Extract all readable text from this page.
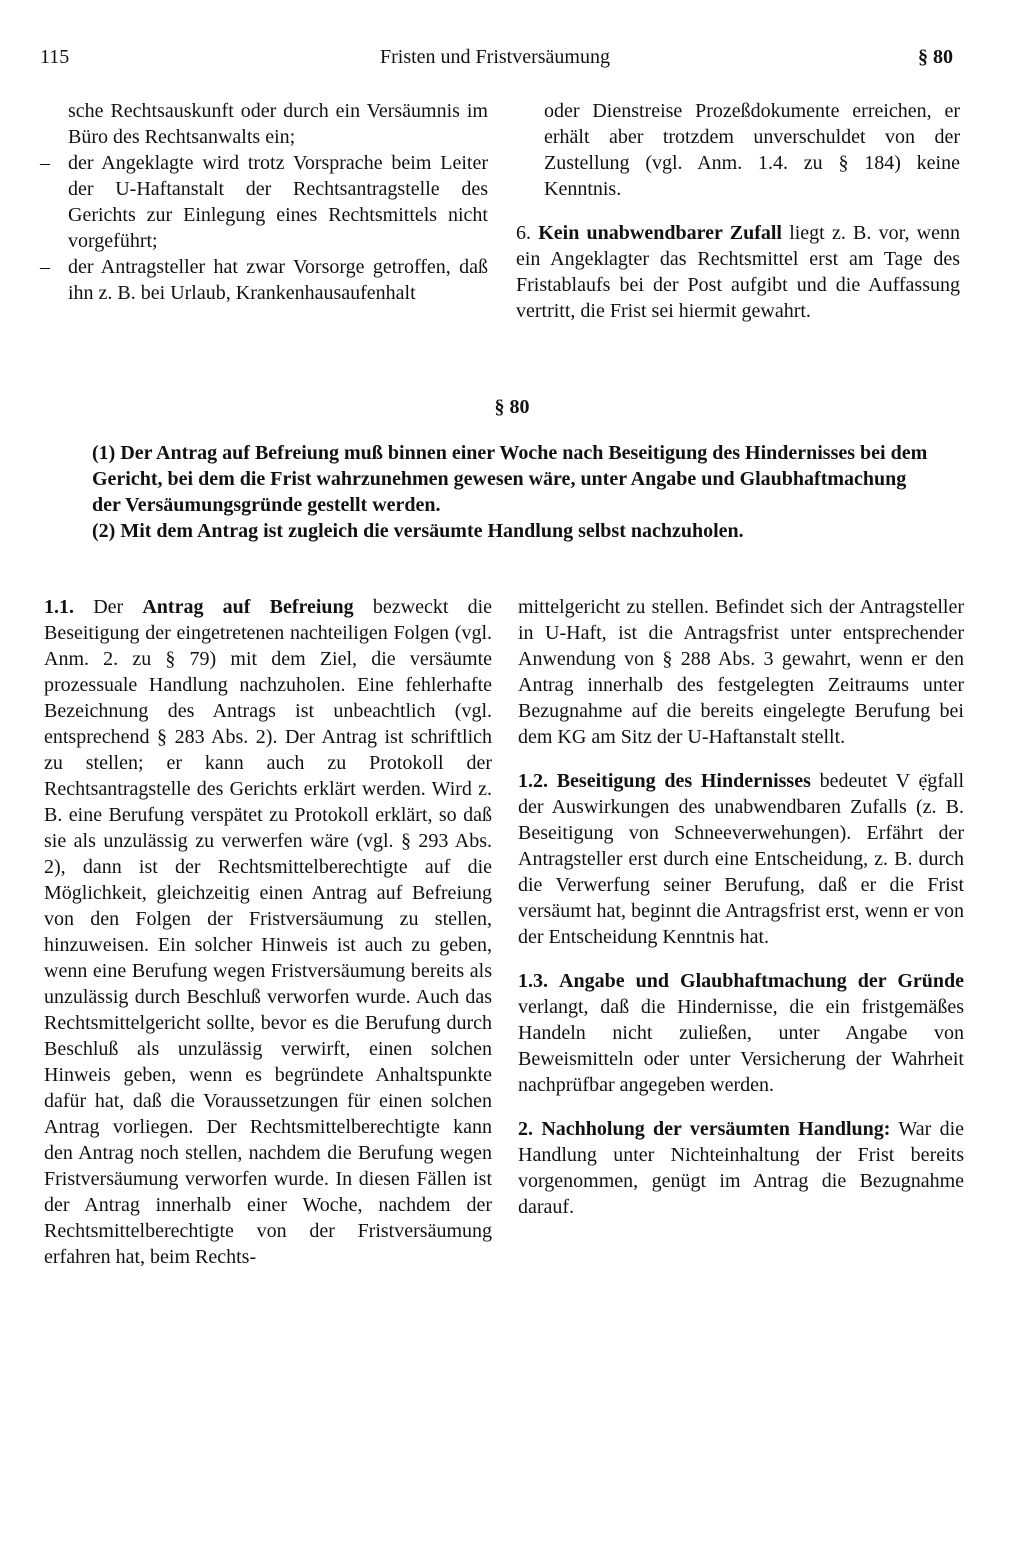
115	Fristen und Fristversäumung	§ 80
sche Rechtsauskunft oder durch ein Versäumnis im Büro des Rechtsanwalts ein;
– der Angeklagte wird trotz Vorsprache beim Leiter der U-Haftanstalt der Rechtsantragstelle des Gerichts zur Einlegung eines Rechtsmittels nicht vorgeführt;
– der Antragsteller hat zwar Vorsorge getroffen, daß ihn z. B. bei Urlaub, Krankenhausaufenhalt

oder Dienstreise Prozeßdokumente erreichen, er erhält aber trotzdem unverschuldet von der Zustellung (vgl. Anm. 1.4. zu § 184) keine Kenntnis.

6. Kein unabwendbarer Zufall liegt z. B. vor, wenn ein Angeklagter das Rechtsmittel erst am Tage des Fristablaufs bei der Post aufgibt und die Auffassung vertritt, die Frist sei hiermit gewahrt.

§ 80

(1) Der Antrag auf Befreiung muß binnen einer Woche nach Beseitigung des Hindernisses bei dem Gericht, bei dem die Frist wahrzunehmen gewesen wäre, unter Angabe und Glaubhaftmachung der Versäumungsgründe gestellt werden.

(2) Mit dem Antrag ist zugleich die versäumte Handlung selbst nachzuholen.

1.1. Der Antrag auf Befreiung bezweckt die Beseitigung der eingetretenen nachteiligen Folgen (vgl. Anm. 2. zu § 79) mit dem Ziel, die versäumte prozessuale Handlung nachzuholen. Eine fehlerhafte Bezeichnung des Antrags ist unbeachtlich (vgl. entsprechend § 283 Abs. 2). Der Antrag ist schriftlich zu stellen; er kann auch zu Protokoll der Rechtsantragstelle des Gerichts erklärt werden. Wird z. B. eine Berufung verspätet zu Protokoll erklärt, so daß sie als unzulässig zu verwerfen wäre (vgl. § 293 Abs. 2), dann ist der Rechtsmittelberechtigte auf die Möglichkeit, gleichzeitig einen Antrag auf Befreiung von den Folgen der Fristversäumung zu stellen, hinzuweisen. Ein solcher Hinweis ist auch zu geben, wenn eine Berufung wegen Fristversäumung bereits als unzulässig durch Beschluß verworfen wurde. Auch das Rechtsmittelgericht sollte, bevor es die Berufung durch Beschluß als unzulässig verwirft, einen solchen Hinweis geben, wenn es begründete Anhaltspunkte dafür hat, daß die Voraussetzungen für einen solchen Antrag vorliegen. Der Rechtsmittelberechtigte kann den Antrag noch stellen, nachdem die Berufung wegen Fristversäumung verworfen wurde. In diesen Fällen ist der Antrag innerhalb einer Woche, nachdem der Rechtsmittelberechtigte von der Fristversäumung erfahren hat, beim Rechts-

mittelgericht zu stellen. Befindet sich der Antragsteller in U-Haft, ist die Antragsfrist unter entsprechender Anwendung von § 288 Abs. 3 gewahrt, wenn er den Antrag innerhalb des festgelegten Zeitraums unter Bezugnahme auf die bereits eingelegte Berufung bei dem KG am Sitz der U-Haftanstalt stellt.

1.2. Beseitigung des Hindernisses bedeutet V ẹ̈gfall der Auswirkungen des unabwendbaren Zufalls (z. B. Beseitigung von Schneeverwehungen). Erfährt der Antragsteller erst durch eine Entscheidung, z. B. durch die Verwerfung seiner Berufung, daß er die Frist versäumt hat, beginnt die Antragsfrist erst, wenn er von der Entscheidung Kenntnis hat.

1.3. Angabe und Glaubhaftmachung der Gründe verlangt, daß die Hindernisse, die ein fristgemäßes Handeln nicht zuließen, unter Angabe von Beweismitteln oder unter Versicherung der Wahrheit nachprüfbar angegeben werden.

2. Nachholung der versäumten Handlung: War die Handlung unter Nichteinhaltung der Frist bereits vorgenommen, genügt im Antrag die Bezugnahme darauf.
